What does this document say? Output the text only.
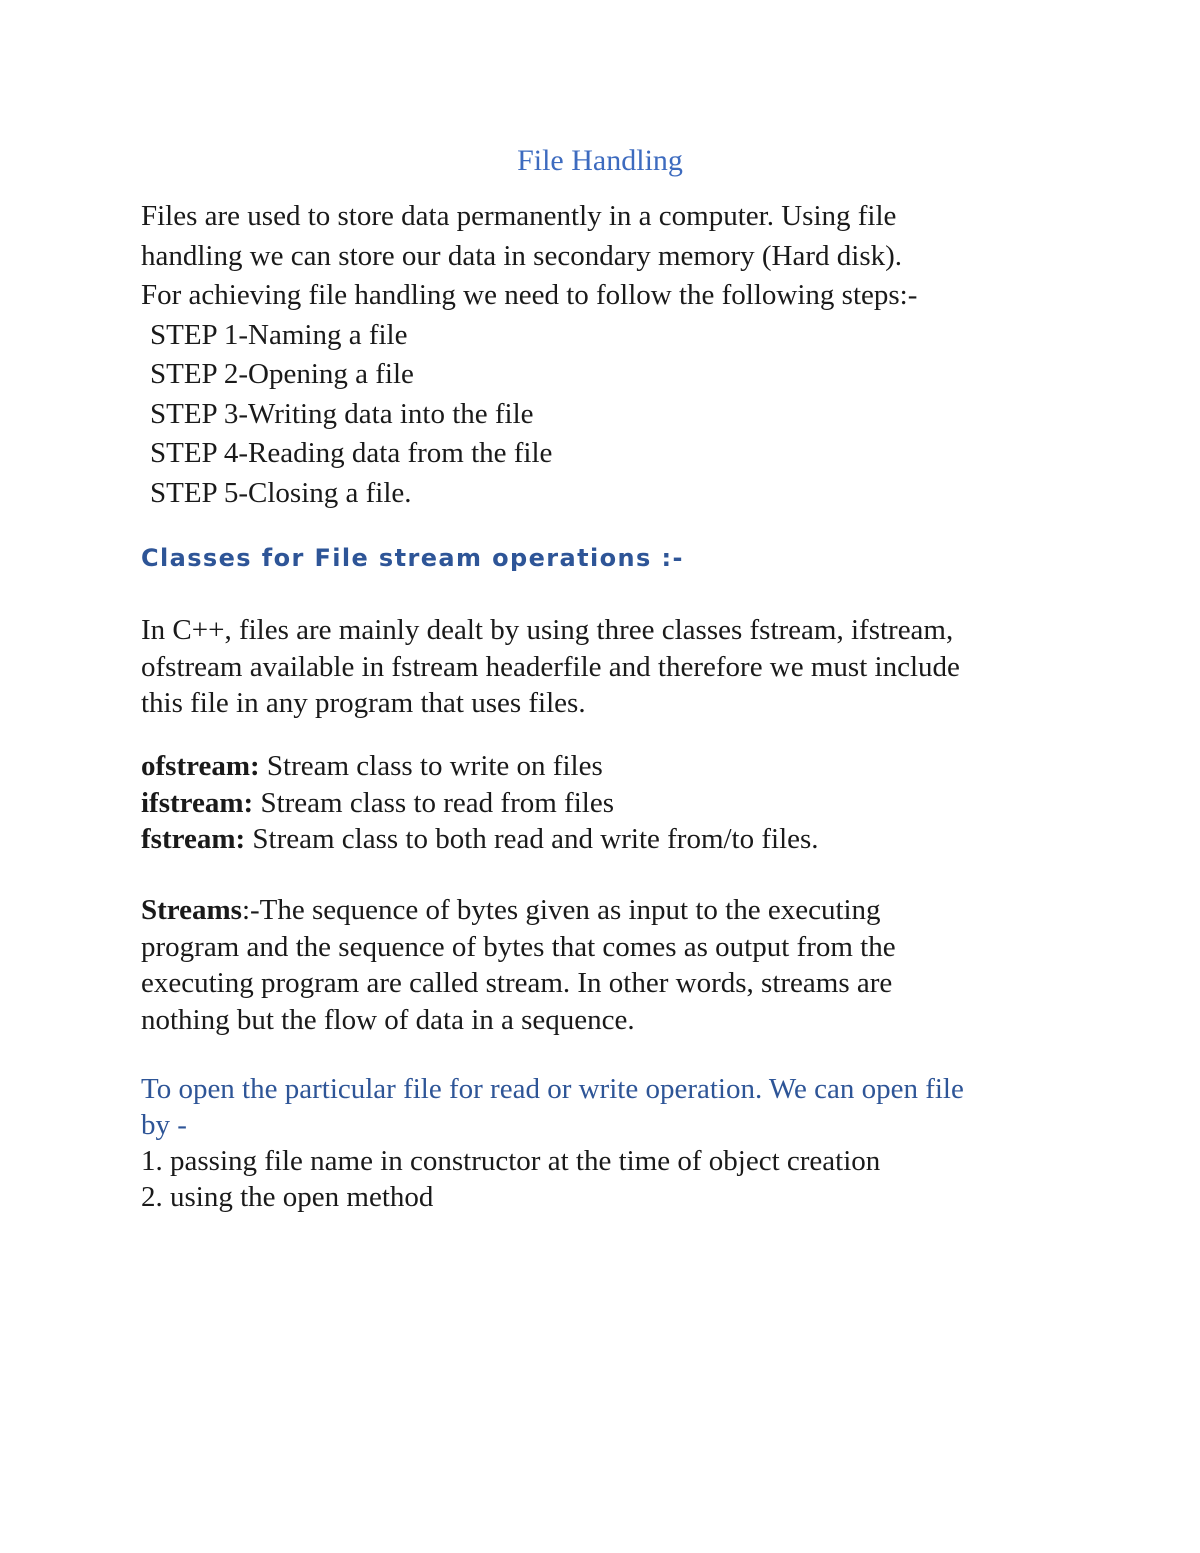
File Handling
Files are used to store data permanently in a computer. Using file
handling we can store our data in secondary memory (Hard disk).
For achieving file handling we need to follow the following steps:-
STEP 1-Naming a file
STEP 2-Opening a file
STEP 3-Writing data into the file
STEP 4-Reading data from the file
STEP 5-Closing a file.
Classes for File stream operations :-
In C++, files are mainly dealt by using three classes fstream, ifstream,
ofstream available in fstream headerfile and therefore we must include
this file in any program that uses files.
ofstream: Stream class to write on files
ifstream: Stream class to read from files
fstream: Stream class to both read and write from/to files.
Streams:-The sequence of bytes given as input to the executing
program and the sequence of bytes that comes as output from the
executing program are called stream. In other words, streams are
nothing but the flow of data in a sequence.
To open the particular file for read or write operation. We can open file
by -
1. passing file name in constructor at the time of object creation
2. using the open method
